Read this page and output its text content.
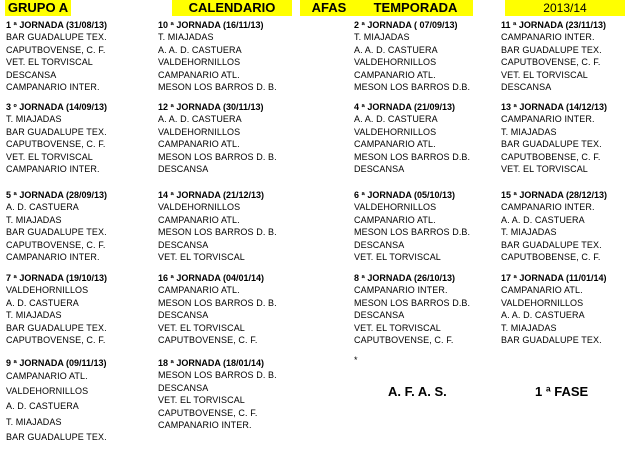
GRUPO A	CALENDARIO	AFAS	TEMPORADA	2013/14
1 ª JORNADA (31/08/13)
BAR GUADALUPE TEX.
CAPUTBOVENSE, C. F.
VET. EL TORVISCAL
DESCANSA
CAMPANARIO INTER.
3 º JORNADA (14/09/13)
T. MIAJADAS
BAR GUADALUPE TEX.
CAPUTBOVENSE, C. F.
VET. EL TORVISCAL
CAMPANARIO INTER.
5 ª JORNADA (28/09/13)
A. D. CASTUERA
T. MIAJADAS
BAR GUADALUPE TEX.
CAPUTBOVENSE, C. F.
CAMPANARIO INTER.
7 ª JORNADA (19/10/13)
VALDEHORNILLOS
A. D. CASTUERA
T. MIAJADAS
BAR GUADALUPE TEX.
CAPUTBOVENSE, C. F.
9 ª JORNADA (09/11/13)
CAMPANARIO ATL.
VALDEHORNILLOS
A. D. CASTUERA
T. MIAJADAS
BAR GUADALUPE TEX.
10 ª JORNADA (16/11/13)
T. MIAJADAS
A. A. D. CASTUERA
VALDEHORNILLOS
CAMPANARIO ATL.
MESON LOS BARROS D. B.
12 ª JORNADA (30/11/13)
A. A. D. CASTUERA
VALDEHORNILLOS
CAMPANARIO ATL.
MESON LOS BARROS D. B.
DESCANSA
14 ª JORNADA (21/12/13)
VALDEHORNILLOS
CAMPANARIO ATL.
MESON LOS BARROS D. B.
DESCANSA
VET. EL TORVISCAL
16 ª JORNADA (04/01/14)
CAMPANARIO ATL.
MESON LOS BARROS D. B.
DESCANSA
VET. EL TORVISCAL
CAPUTBOVENSE, C. F.
18 ª JORNADA (18/01/14)
MESON LOS BARROS D. B.
DESCANSA
VET. EL TORVISCAL
CAPUTBOVENSE, C. F.
CAMPANARIO INTER.
2 ª JORNADA ( 07/09/13)
T. MIAJADAS
A. A. D. CASTUERA
VALDEHORNILLOS
CAMPANARIO ATL.
MESON LOS BARROS D.B.
4 ª JORNADA (21/09/13)
A. A. D. CASTUERA
VALDEHORNILLOS
CAMPANARIO ATL.
MESON LOS BARROS D.B.
DESCANSA
6 ª JORNADA (05/10/13)
VALDEHORNILLOS
CAMPANARIO ATL.
MESON LOS BARROS D.B.
DESCANSA
VET. EL TORVISCAL
8 ª JORNADA (26/10/13)
CAMPANARIO INTER.
MESON LOS BARROS D.B.
DESCANSA
VET. EL TORVISCAL
CAPUTBOVENSE, C. F.
11 ª JORNADA (23/11/13)
CAMPANARIO INTER.
BAR GUADALUPE TEX.
CAPUTBOVENSE, C. F.
VET. EL TORVISCAL
DESCANSA
13 ª JORNADA (14/12/13)
CAMPANARIO INTER.
T. MIAJADAS
BAR GUADALUPE TEX.
CAPUTBOBENSE, C. F.
VET. EL TORVISCAL
15 ª JORNADA (28/12/13)
CAMPANARIO INTER.
A. A. D. CASTUERA
T. MIAJADAS
BAR GUADALUPE TEX.
CAPUTBOBENSE, C. F.
17 ª JORNADA (11/01/14)
CAMPANARIO ATL.
VALDEHORNILLOS
A. A. D. CASTUERA
T. MIAJADAS
BAR GUADALUPE TEX.
*
A. F. A. S.	1 ª FASE
